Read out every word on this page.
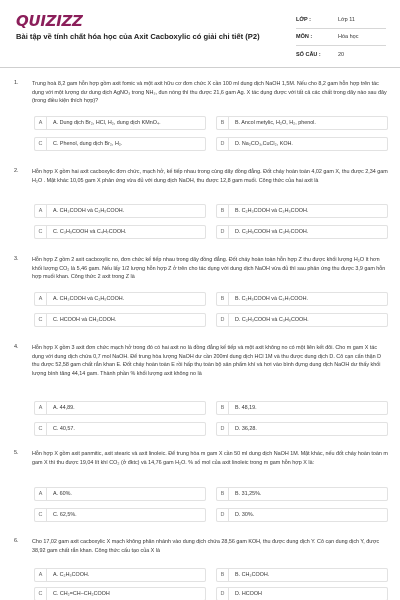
QUIZIZZ
Bài tập về tính chất hóa học của Axit Cacboxylic có giải chi tiết (P2)
LỚP :	Lớp 11
MÔN :	Hóa học
SỐ CÂU :	20
1. Trung hoà 8,2 gam hỗn hợp gồm axit fomic và một axit hữu cơ đơn chức X cần 100 ml dung dịch NaOH 1,5M. Nếu cho 8,2 gam hỗn hợp trên tác dụng với một lượng dư dung dịch AgNO₃ trong NH₃, đun nóng thì thu được 21,6 gam Ag. X tác dụng được với tất cả các chất trong dãy nào sau đây (trong điều kiện thích hợp)?
A	A. Dung dịch Br₂, HCl, H₂, dung dịch KMnO₄.	B	B. Ancol metylic, H₂O, H₂, phenol.
C	C. Phenol, dung dịch Br₂, H₂.	D	D. Na₂CO₃,CuCl₂, KOH.
2. Hỗn hợp X gồm hai axit cacboxylic đơn chức, mạch hở, kế tiếp nhau trong cùng dãy đồng đẳng. Đốt cháy hoàn toàn 4,02 gam X, thu được 2,34 gam H₂O . Mặt khác 10,05 gam X phản ứng vừa đủ với dung dịch NaOH, thu được 12,8 gam muối. Công thức của hai axit là
A	A. CH₃COOH và C₂H₅COOH.	B	B. C₂H₃COOH và C₃H₅COOH.
C	C. C₃H₅COOH và C₄H₇COOH.	D	D. C₂H₅COOH và C₃H₇COOH.
3. Hỗn hợp Z gồm 2 axit cacboxylic no, đơn chức kế tiếp nhau trong dãy đồng đẳng. Đốt cháy hoàn toàn hỗn hợp Z thu được khối lượng H₂O ít hơn khối lượng CO₂ là 5,46 gam. Nếu lấy 1/2 lượng hỗn hợp Z ở trên cho tác dụng với dung dịch NaOH vừa đủ thì sau phản ứng thu được 3,9 gam hỗn hợp muối khan. Công thức 2 axit trong Z là
A	A. CH₃COOH và C₂H₅COOH.	B	B. C₂H₅COOH và C₃H₇COOH.
C	C. HCOOH và CH₃COOH.	D	D. C₂H₃COOH và C₃H₅COOH.
4. Hỗn hợp X gồm 3 axit đơn chức mạch hở trong đó có hai axit no là đồng đẳng kế tiếp và một axit không no có một liên kết đôi. Cho m gam X tác dụng với dung dịch chứa 0,7 mol NaOH. Để trung hòa lượng NaOH dư cần 200ml dung dịch HCl 1M và thu được dung dịch D. Cô cạn cẩn thận D thu được 52,58 gam chất rắn khan E. Đốt cháy hoàn toàn E rồi hấp thụ toàn bộ sản phẩm khí và hơi vào bình đựng dung dịch NaOH dư thấy khối lượng bình tăng 44,14 gam. Thành phần % khối lượng axit không no là
A	A. 44,89.	B	B. 48,19.
C	C. 40,57.	D	D. 36,28.
5. Hỗn hợp X gồm axit panmitic, axit stearic và axit linoleic. Để trung hòa m gam X cần 50 ml dung dịch NaOH 1M. Mặt khác, nếu đốt cháy hoàn toàn m gam X thì thu được 19,04 lít khí CO₂ (ở đktc) và 14,76 gam H₂O. % số mol của axit linoleic trong m gam hỗn hợp X là:
A	A. 60%.	B	B. 31,25%.
C	C. 62,5%.	D	D. 30%.
6. Cho 17,02 gam axit cacboxylic X mạch không phân nhánh vào dung dịch chứa 28,56 gam KOH, thu được dung dịch Y. Cô cạn dung dịch Y, được 38,92 gam chất rắn khan. Công thức cấu tạo của X là
A	A. C₂H₅COOH.	B	B. CH₃COOH.
C	C. CH₂=CH–CH₂COOH	D	D. HCOOH
